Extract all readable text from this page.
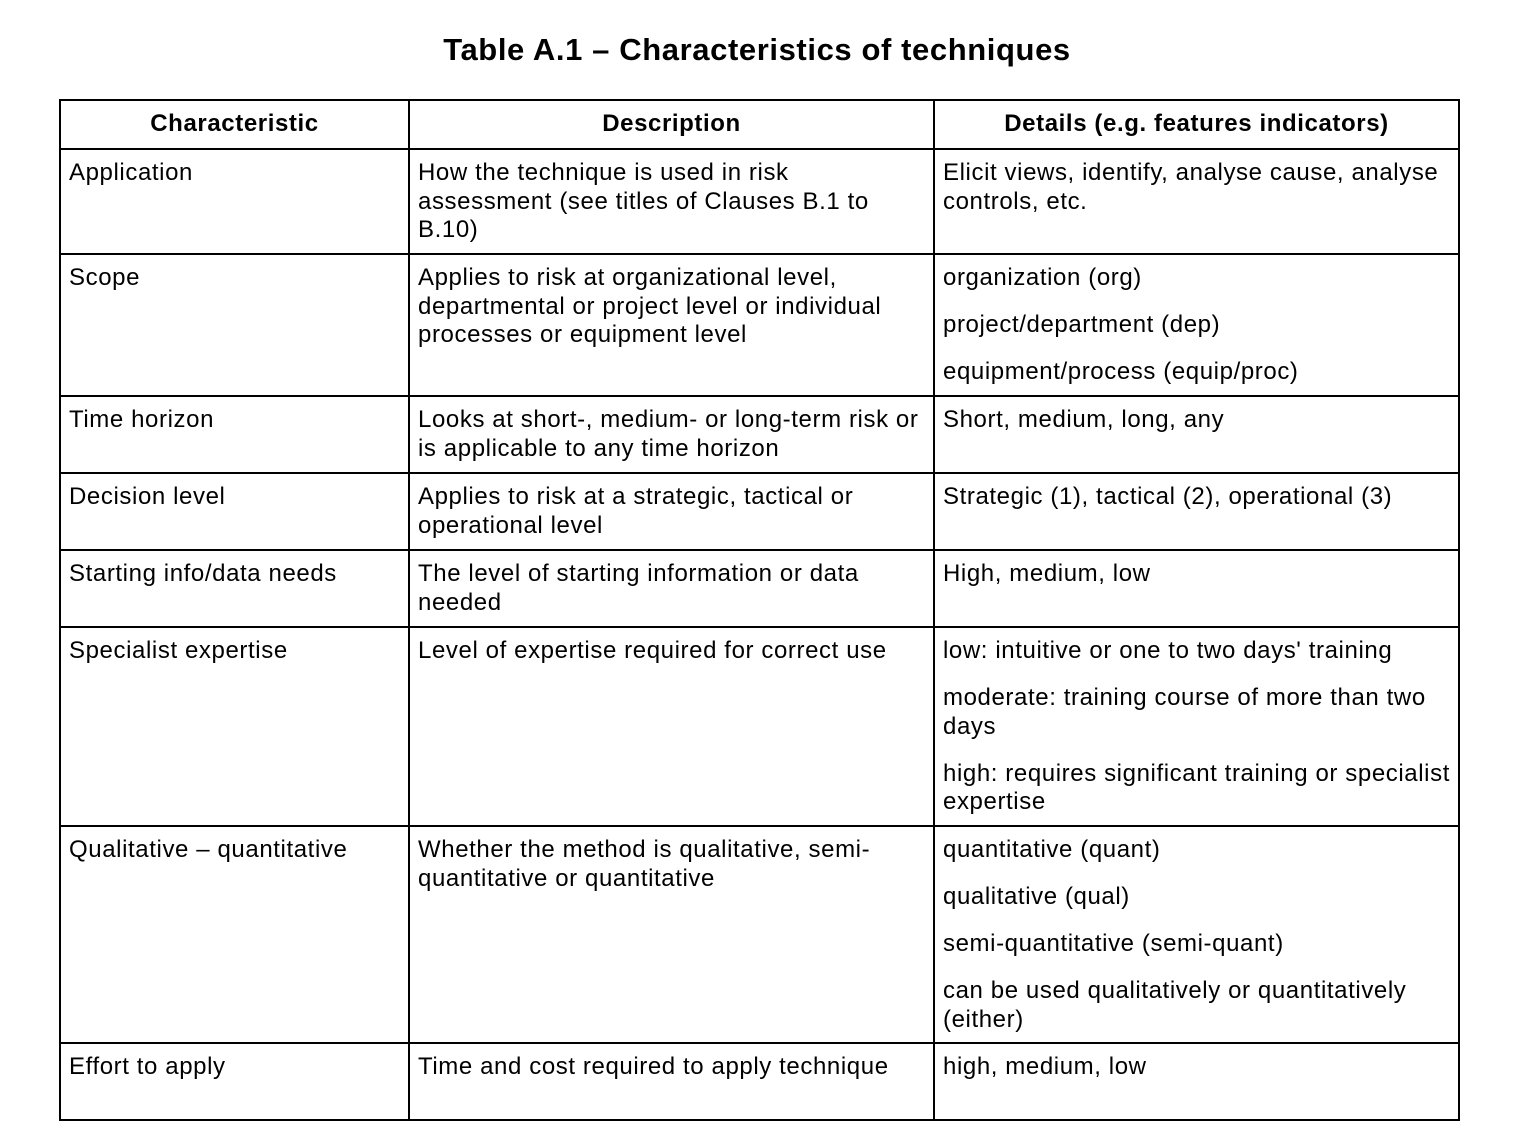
Table A.1 – Characteristics of techniques
Characteristic	Description	Details (e.g. features indicators)
Application	How the technique is used in risk assessment (see titles of Clauses B.1 to B.10)	Elicit views, identify, analyse cause, analyse controls, etc.

Scope	Applies to risk at organizational level, departmental or project level or individual processes or equipment level	organization (org)
project/department (dep)
equipment/process (equip/proc)

Time horizon	Looks at short-, medium- or long-term risk or is applicable to any time horizon	Short, medium, long, any

Decision level	Applies to risk at a strategic, tactical or operational level	Strategic (1), tactical (2), operational (3)

Starting info/data needs	The level of starting information or data needed	High, medium, low

Specialist expertise	Level of expertise required for correct use	low: intuitive or one to two days' training
moderate: training course of more than two days
high: requires significant training or specialist expertise

Qualitative – quantitative	Whether the method is qualitative, semi-quantitative or quantitative	quantitative (quant)
qualitative (qual)
semi-quantitative (semi-quant)
can be used qualitatively or quantitatively (either)

Effort to apply	Time and cost required to apply technique	high, medium, low
